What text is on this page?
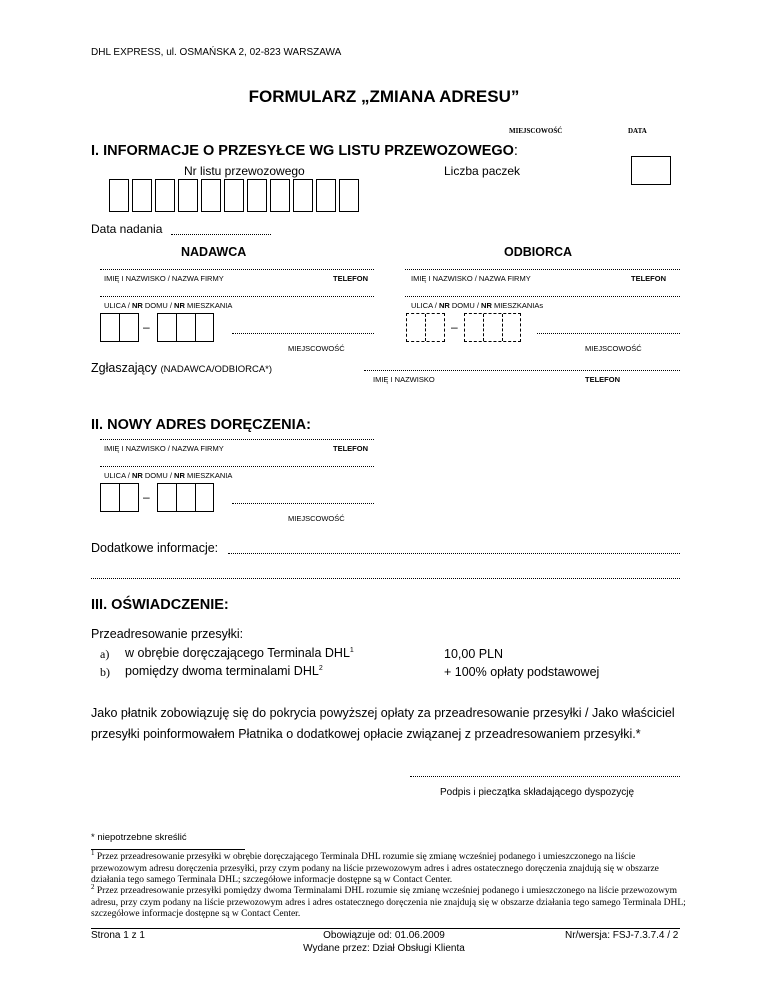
DHL EXPRESS, ul. OSMAŃSKA 2, 02-823 WARSZAWA
FORMULARZ „ZMIANA ADRESU”
MIEJSCOWOŚĆ	DATA
I. INFORMACJE O PRZESYŁCE WG LISTU PRZEWOZOWEGO:
Nr listu przewozowego	Liczba paczek
Data nadania
NADAWCA
IMIĘ I NAZWISKO / NAZWA FIRMY	TELEFON
ULICA / NR DOMU / NR MIESZKANIA
–
MIEJSCOWOŚĆ
ODBIORCA
IMIĘ I NAZWISKO / NAZWA FIRMY	TELEFON
ULICA / NR DOMU / NR MIESZKANIAs
–
MIEJSCOWOŚĆ
Zgłaszający (NADAWCA/ODBIORCA*)
IMIĘ I NAZWISKO	TELEFON
II. NOWY ADRES DORĘCZENIA:
IMIĘ I NAZWISKO / NAZWA FIRMY	TELEFON
ULICA / NR DOMU / NR MIESZKANIA
–
MIEJSCOWOŚĆ
Dodatkowe informacje:
III. OŚWIADCZENIE:
Przeadresowanie przesyłki:
a) w obrębie doręczającego Terminala DHL$^1$	10,00 PLN
b) pomiędzy dwoma terminalami $DHL^2$	+ 100% opłaty podstawowej
Jako płatnik zobowiązuję się do pokrycia powyższej opłaty za przeadresowanie przesyłki / Jako właściciel
przesyłki poinformowałem Płatnika o dodatkowej opłacie związanej z przeadresowaniem przesyłki.*
Podpis i pieczątka składającego dyspozycję
* niepotrzebne skreślić
$^1$ Przez przeadresowanie przesyłki w obrębie doręczającego Terminala DHL rozumie się zmianę wcześniej podanego i umieszczonego na liście przewozowym adresu doręczenia przesyłki, przy czym podany na liście przewozowym adres i adres ostatecznego doręczenia znajdują się w obszarze działania tego samego Terminala DHL; szczegółowe informacje dostępne są w Contact Center.
$^2$ Przez przeadresowanie przesyłki pomiędzy dwoma Terminalami DHL rozumie się zmianę wcześniej podanego i umieszczonego na liście przewozowym adresu, przy czym podany na liście przewozowym adres i adres ostatecznego doręczenia nie znajdują się w obszarze działania tego samego Terminala DHL; szczegółowe informacje dostępne są w Contact Center.
Strona 1 z 1	Obowiązuje od: 01.06.2009
Wydane przez: Dział Obsługi Klienta
Nr/wersja: FSJ-7.3.7.4 / 2
